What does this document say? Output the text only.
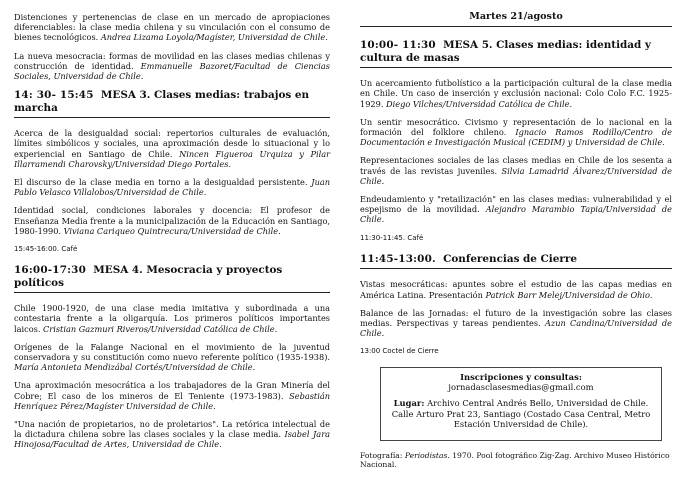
Distenciones y pertenencias de clase en un mercado de apropiaciones diferenciables: la clase media chilena y su vinculación con el consumo de bienes tecnológicos. Andrea Lizama Loyola/Magíster, Universidad de Chile.

La nueva mesocracia: formas de movilidad en las clases medias chilenas y construcción de identidad. Emmanuelle Bazoret/Facultad de Ciencias Sociales, Universidad de Chile.

14: 30- 15:45 MESA 3. Clases medias: trabajos en marcha

Acerca de la desigualdad social: repertorios culturales de evaluación, límites simbólicos y sociales, una aproximación desde lo situacional y lo experiencial en Santiago de Chile. Nincen Figueroa Urquiza y Pilar Illarramendi Charovsky/Universidad Diego Portales.

El discurso de la clase media en torno a la desigualdad persistente. Juan Pablo Velasco Villalobos/Universidad de Chile.

Identidad social, condiciones laborales y docencia: El profesor de Enseñanza Media frente a la municipalización de la Educación en Santiago, 1980-1990. Viviana Cariqueo Quintrecura/Universidad de Chile.

15:45-16:00. Café
16:00-17:30 MESA 4. Mesocracia y proyectos políticos

Chile 1900-1920, de una clase media imitativa y subordinada a una contestaria frente a la oligarquía. Los primeros políticos importantes laicos. Cristian Gazmuri Riveros/Universidad Católica de Chile.

Orígenes de la Falange Nacional en el movimiento de la juventud conservadora y su constitución como nuevo referente político (1935-1938). María Antonieta Mendizábal Cortés/Universidad de Chile.

Una aproximación mesocrática a los trabajadores de la Gran Minería del Cobre; El caso de los mineros de El Teniente (1973-1983). Sebastián Henríquez Pérez/Magíster Universidad de Chile.

"Una nación de propietarios, no de proletarios". La retórica intelectual de la dictadura chilena sobre las clases sociales y la clase media. Isabel Jara Hinojosa/Facultad de Artes, Universidad de Chile.

Martes 21/agosto
10:00- 11:30 MESA 5. Clases medias: identidad y cultura de masas

Un acercamiento futbolístico a la participación cultural de la clase media en Chile. Un caso de inserción y exclusión nacional: Colo Colo F.C. 1925-1929. Diego Vilches/Universidad Católica de Chile.

Un sentir mesocrático. Civismo y representación de lo nacional en la formación del folklore chileno. Ignacio Ramos Rodillo/Centro de Documentación e Investigación Musical (CEDIM) y Universidad de Chile.

Representaciones sociales de las clases medias en Chile de los sesenta a través de las revistas juveniles. Silvia Lamadrid Álvarez/Universidad de Chile.

Endeudamiento y "retailización" en las clases medias: vulnerabilidad y el espejismo de la movilidad. Alejandro Marambio Tapia/Universidad de Chile.

11:30-11:45. Café
11:45-13:00. Conferencias de Cierre

Vistas mesocráticas: apuntes sobre el estudio de las capas medias en América Latina. Presentación Patrick Barr Melej/Universidad de Ohio.

Balance de las Jornadas: el futuro de la investigación sobre las clases medias. Perspectivas y tareas pendientes. Azun Candina/Universidad de Chile.

13:00 Coctel de Cierre
Inscripciones y consultas: jornadasclasesmedias@gmail.com
Lugar: Archivo Central Andrés Bello, Universidad de Chile. Calle Arturo Prat 23, Santiago (Costado Casa Central, Metro Estación Universidad de Chile).
Fotografía: Periodistas. 1970. Pool fotográfico Zig-Zag. Archivo Museo Histórico Nacional.
